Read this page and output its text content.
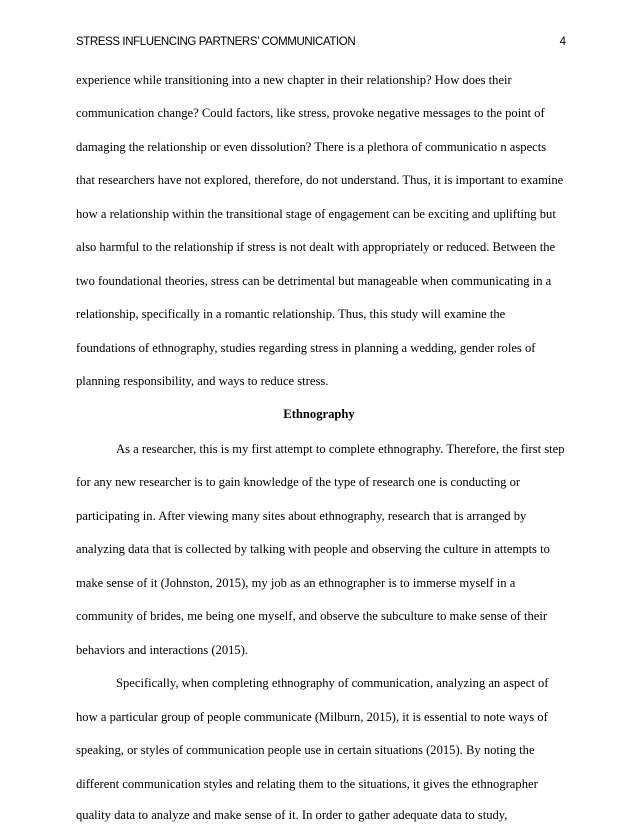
STRESS INFLUENCING PARTNERS’ COMMUNICATION	4
experience while transitioning into a new chapter in their relationship? How does their
communication change? Could factors, like stress, provoke negative messages to the point of
damaging the relationship or even dissolution? There is a plethora of communicatio n aspects
that researchers have not explored, therefore, do not understand. Thus, it is important to examine
how a relationship within the transitional stage of engagement can be exciting and uplifting but
also harmful to the relationship if stress is not dealt with appropriately or reduced. Between the
two foundational theories, stress can be detrimental but manageable when communicating in a
relationship, specifically in a romantic relationship. Thus, this study will examine the
foundations of ethnography, studies regarding stress in planning a wedding, gender roles of
planning responsibility, and ways to reduce stress.
Ethnography
As a researcher, this is my first attempt to complete ethnography. Therefore, the first step
for any new researcher is to gain knowledge of the type of research one is conducting or
participating in. After viewing many sites about ethnography, research that is arranged by
analyzing data that is collected by talking with people and observing the culture in attempts to
make sense of it (Johnston, 2015), my job as an ethnographer is to immerse myself in a
community of brides, me being one myself, and observe the subculture to make sense of their
behaviors and interactions (2015).
Specifically, when completing ethnography of communication, analyzing an aspect of
how a particular group of people communicate (Milburn, 2015), it is essential to note ways of
speaking, or styles of communication people use in certain situations (2015). By noting the
different communication styles and relating them to the situations, it gives the ethnographer
quality data to analyze and make sense of it. In order to gather adequate data to study,
